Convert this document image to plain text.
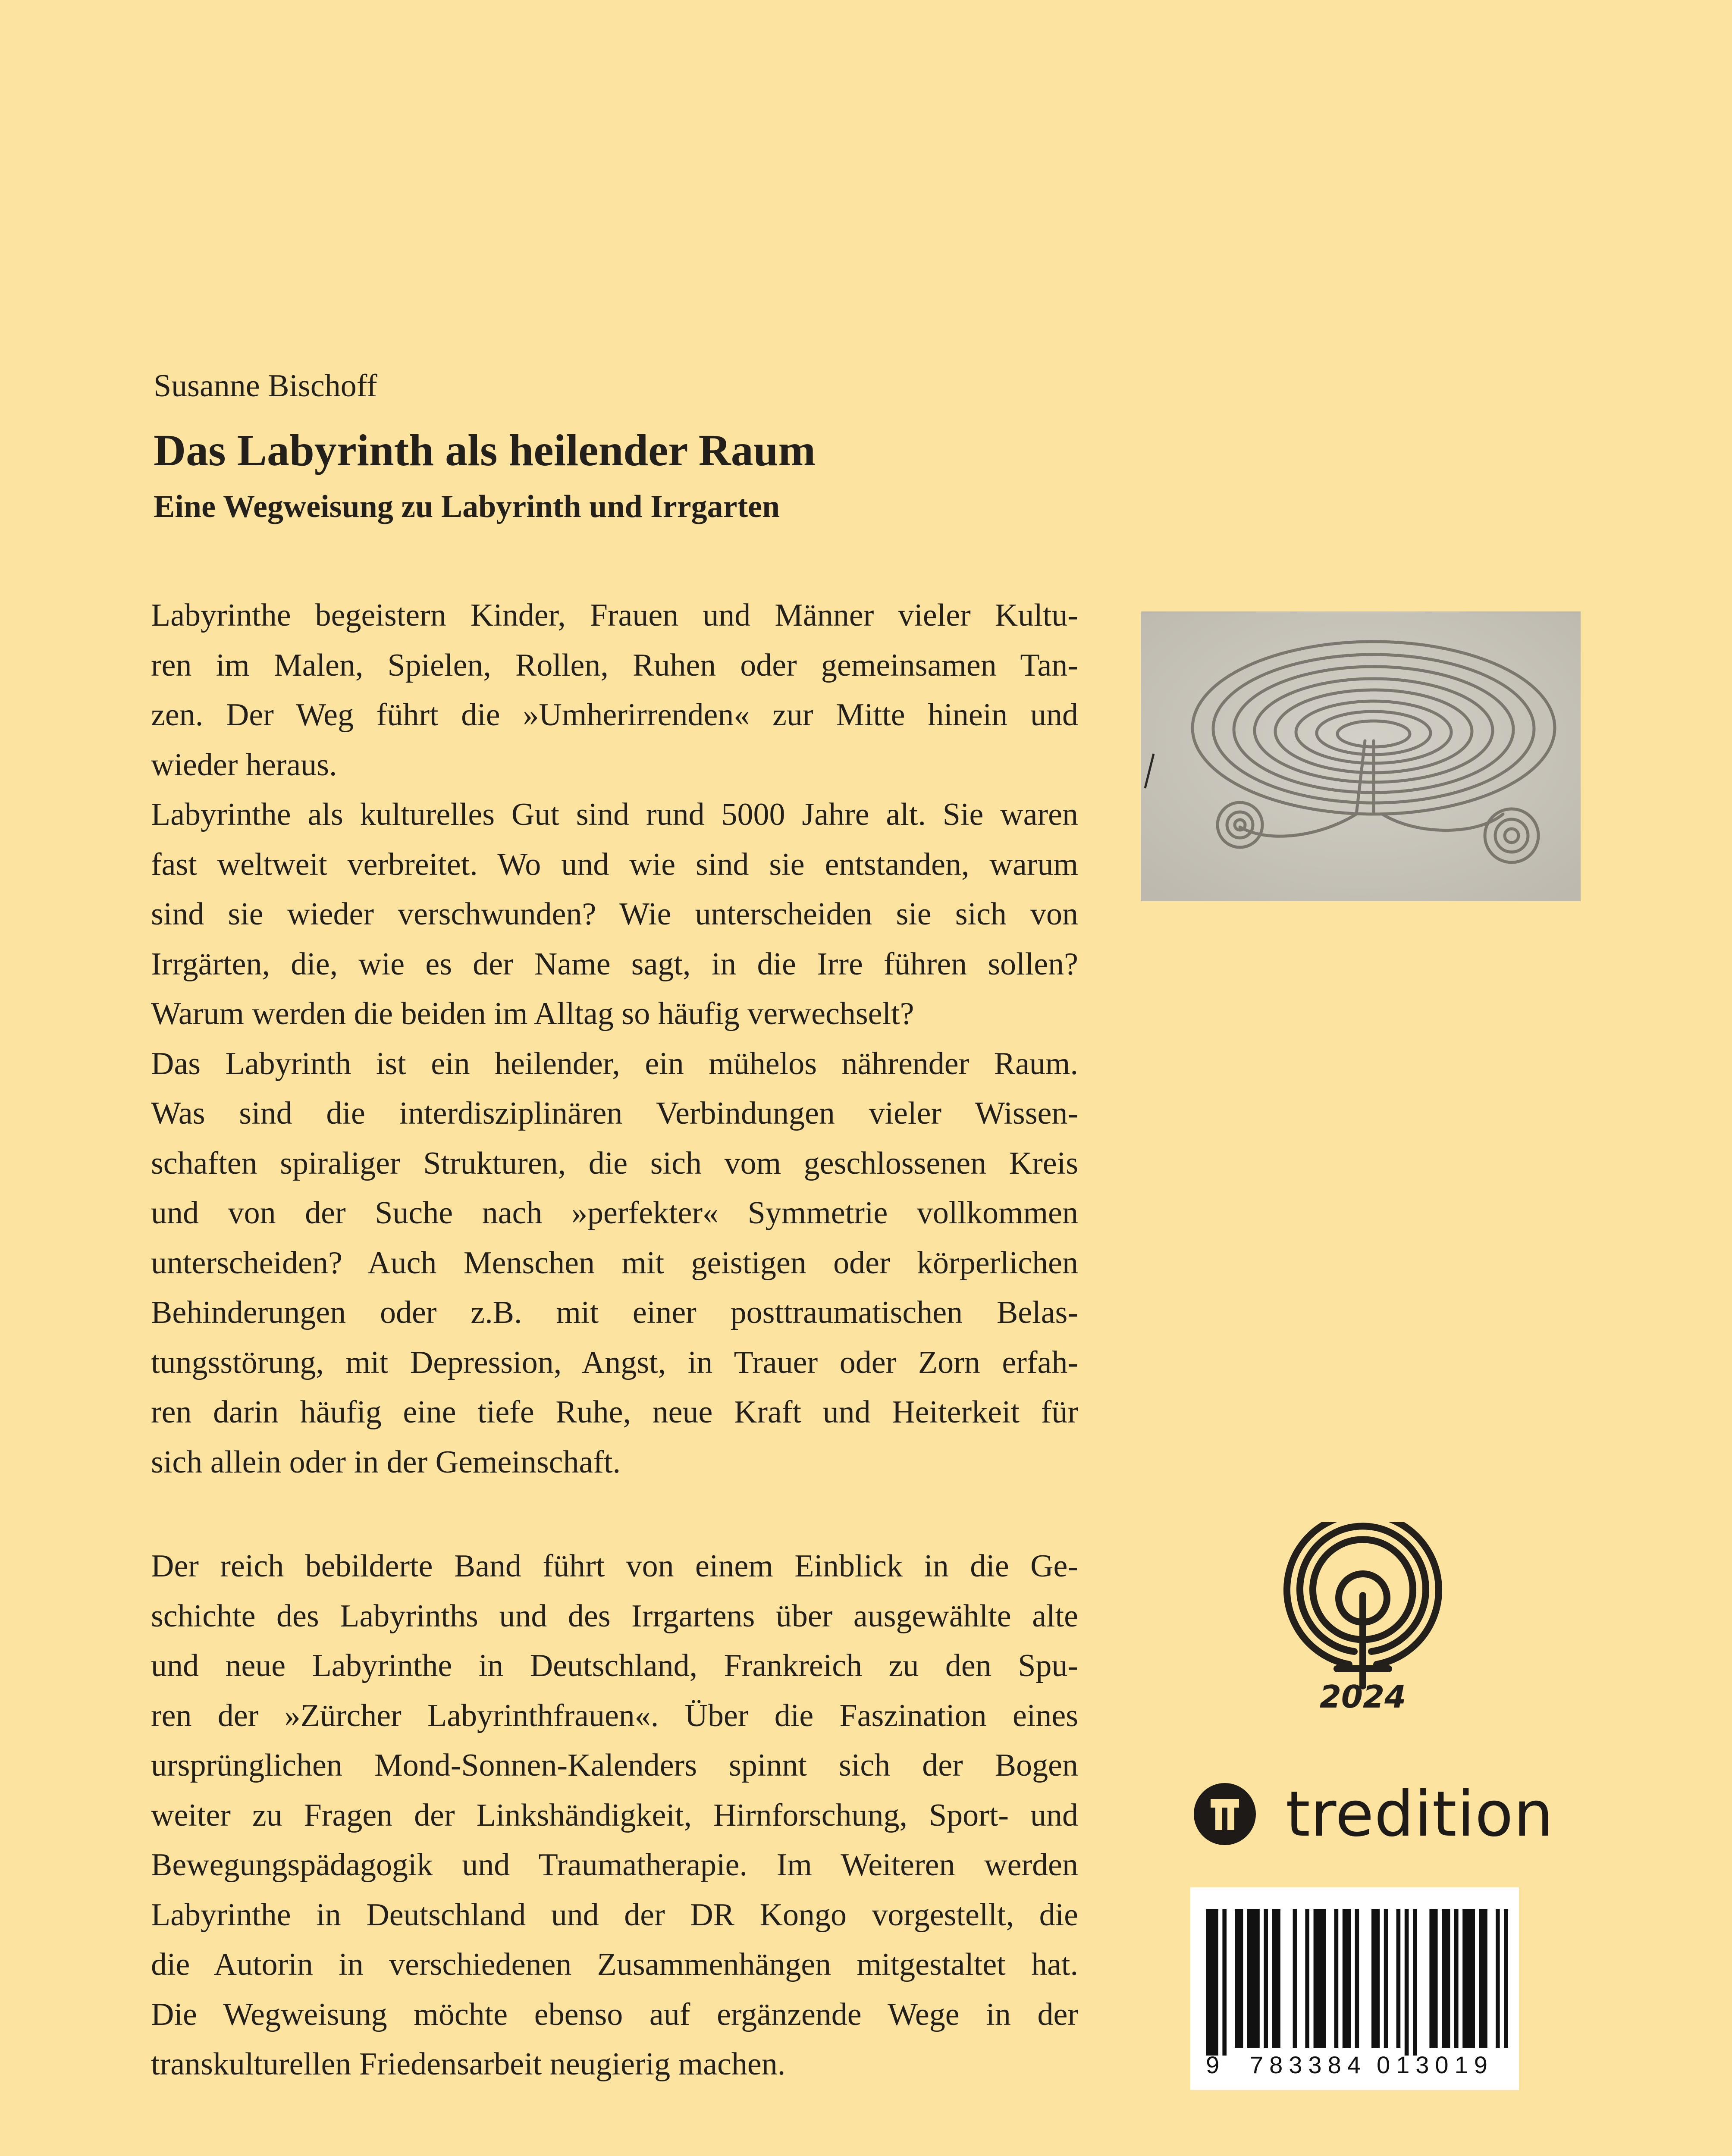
Susanne Bischoff
Das Labyrinth als heilender Raum
Eine Wegweisung zu Labyrinth und Irrgarten
Labyrinthe begeistern Kinder, Frauen und Männer vieler Kultu-
ren im Malen, Spielen, Rollen, Ruhen oder gemeinsamen Tan-
zen. Der Weg führt die »Umherirrenden« zur Mitte hinein und
wieder heraus.
Labyrinthe als kulturelles Gut sind rund 5000 Jahre alt. Sie waren
fast weltweit verbreitet. Wo und wie sind sie entstanden, warum
sind sie wieder verschwunden? Wie unterscheiden sie sich von
Irrgärten, die, wie es der Name sagt, in die Irre führen sollen?
Warum werden die beiden im Alltag so häufig verwechselt?
Das Labyrinth ist ein heilender, ein mühelos nährender Raum.
Was sind die interdisziplinären Verbindungen vieler Wissen-
schaften spiraliger Strukturen, die sich vom geschlossenen Kreis
und von der Suche nach »perfekter« Symmetrie vollkommen
unterscheiden? Auch Menschen mit geistigen oder körperlichen
Behinderungen oder z.B. mit einer posttraumatischen Belas-
tungsstörung, mit Depression, Angst, in Trauer oder Zorn erfah-
ren darin häufig eine tiefe Ruhe, neue Kraft und Heiterkeit für
sich allein oder in der Gemeinschaft.
Der reich bebilderte Band führt von einem Einblick in die Ge-
schichte des Labyrinths und des Irrgartens über ausgewählte alte
und neue Labyrinthe in Deutschland, Frankreich zu den Spu-
ren der »Zürcher Labyrinthfrauen«. Über die Faszination eines
ursprünglichen Mond-Sonnen-Kalenders spinnt sich der Bogen
weiter zu Fragen der Linkshändigkeit, Hirnforschung, Sport- und
Bewegungspädagogik und Traumatherapie. Im Weiteren werden
Labyrinthe in Deutschland und der DR Kongo vorgestellt, die
die Autorin in verschiedenen Zusammenhängen mitgestaltet hat.
Die Wegweisung möchte ebenso auf ergänzende Wege in der
transkulturellen Friedensarbeit neugierig machen.
2024
tredition
9 783384 013019
